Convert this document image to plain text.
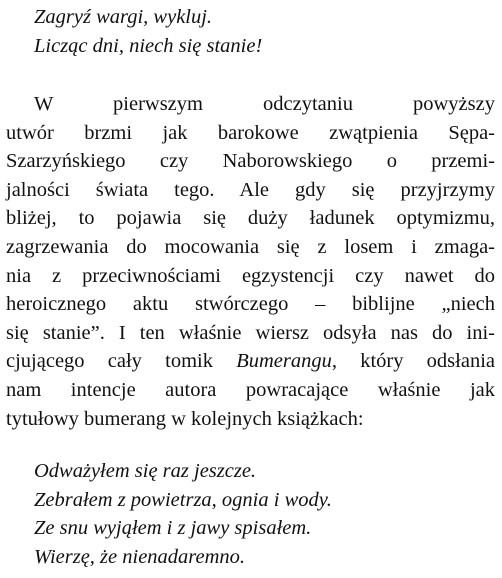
Zagryź wargi, wykluj.
Licząc dni, niech się stanie!

W pierwszym odczytaniu powyższy
utwór brzmi jak barokowe zwątpienia Sępa-
Szarzyńskiego czy Naborowskiego o przemi-
jalności świata tego. Ale gdy się przyjrzymy
bliżej, to pojawia się duży ładunek optymizmu,
zagrzewania do mocowania się z losem i zmaga-
nia z przeciwnościami egzystencji czy nawet do
heroicznego aktu stwórczego – biblijne „niech
się stanie”. I ten właśnie wiersz odsyła nas do ini-
cjującego cały tomik Bumerangu, który odsłania
nam intencje autora powracające właśnie jak
tytułowy bumerang w kolejnych książkach:

Odważyłem się raz jeszcze.
Zebrałem z powietrza, ognia i wody.
Ze snu wyjąłem i z jawy spisałem.
Wierzę, że nienadaremno.
